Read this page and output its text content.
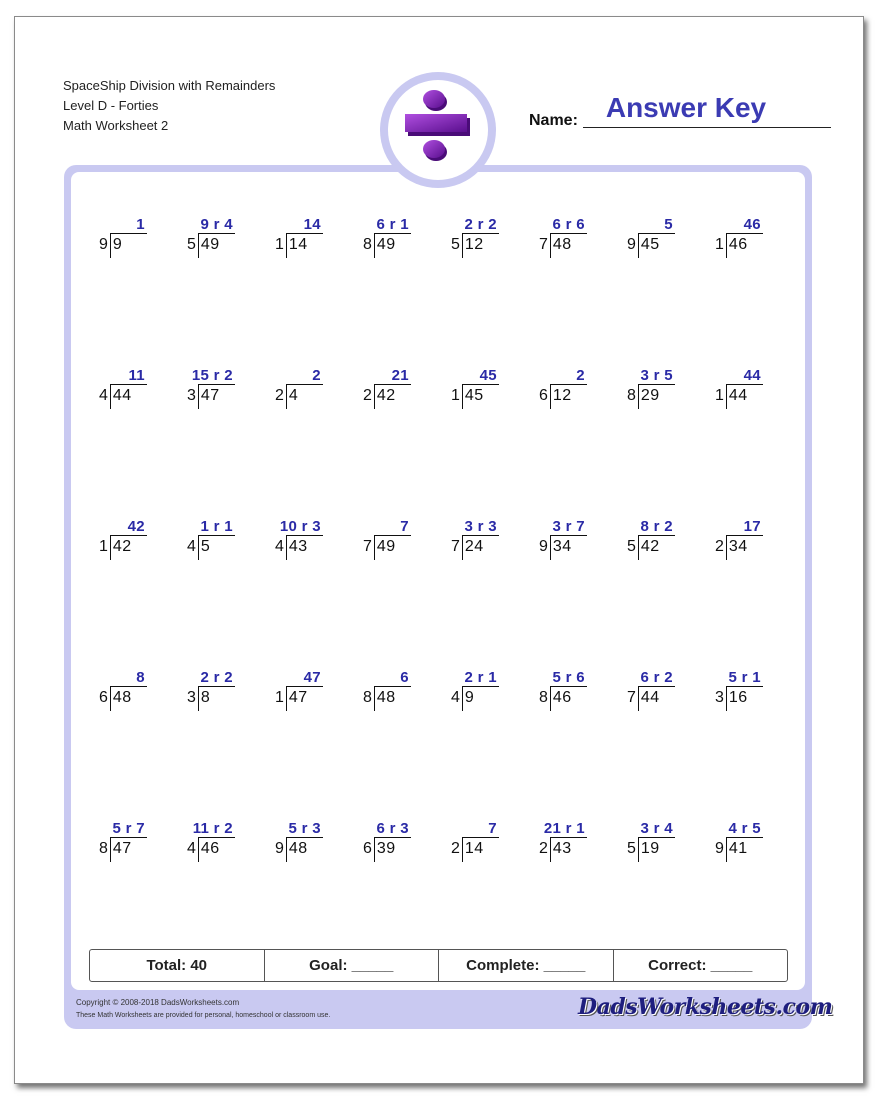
SpaceShip Division with Remainders
Level D - Forties
Math Worksheet 2	Name: Answer Key
9 9
1
5 49
9 r 4
1 14
14
8 49
6 r 1
5 12
2 r 2
7 48
6 r 6
9 45
5
1 46
46
4 44
11
3 47
15 r 2
2 4
2
2 42
21
1 45
45
6 12
2
8 29
3 r 5
1 44
44
1 42
42
4 5
1 r 1
4 43
10 r 3
7 49
7
7 24
3 r 3
9 34
3 r 7
5 42
8 r 2
2 34
17
6 48
8
3 8
2 r 2
1 47
47
8 48
6
4 9
2 r 1
8 46
5 r 6
7 44
6 r 2
3 16
5 r 1
8 47
5 r 7
4 46
11 r 2
9 48
5 r 3
6 39
6 r 3
2 14
7
2 43
21 r 1
5 19
3 r 4
9 41
4 r 5
Total: 40	Goal: _____	Complete: _____	Correct: _____
Copyright © 2008-2018 DadsWorksheets.com
These Math Worksheets are provided for personal, homeschool or classroom use.	DadsWorksheets.com
